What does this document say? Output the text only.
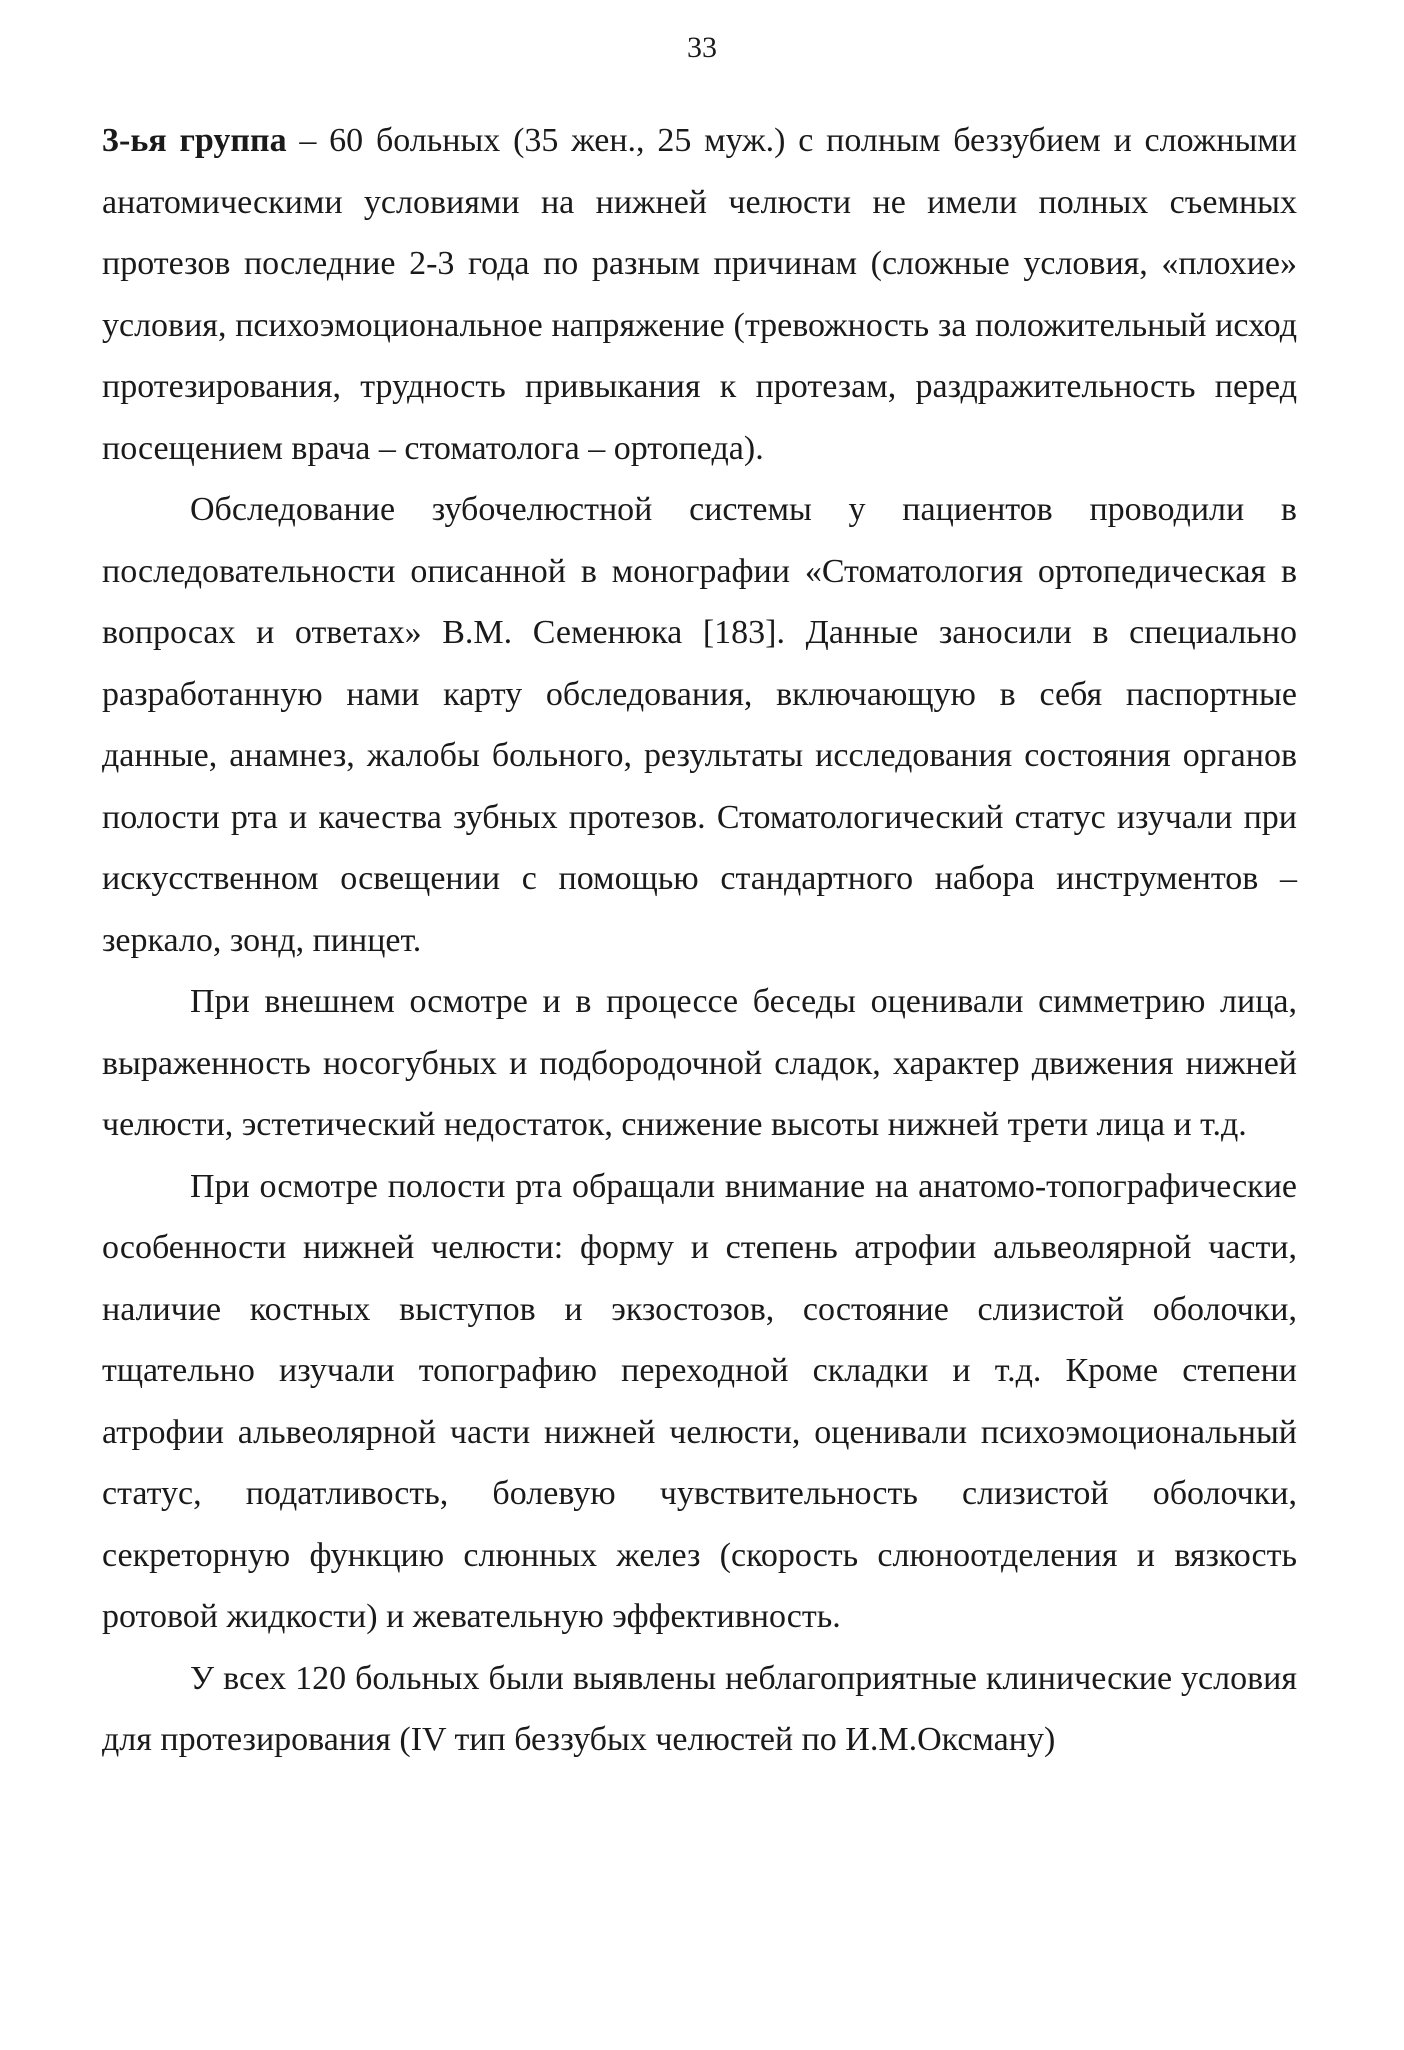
33

3-ья группа – 60 больных (35 жен., 25 муж.) с полным беззубием и сложными анатомическими условиями на нижней челюсти не имели полных съемных протезов последние 2-3 года по разным причинам (сложные условия, «плохие» условия, психоэмоциональное напряжение (тревожность за положительный исход протезирования, трудность привыкания к протезам, раздражительность перед посещением врача – стоматолога – ортопеда).

Обследование зубочелюстной системы у пациентов проводили в последовательности описанной в монографии «Стоматология ортопедическая в вопросах и ответах» В.М. Семенюка [183]. Данные заносили в специально разработанную нами карту обследования, включающую в себя паспортные данные, анамнез, жалобы больного, результаты исследования состояния органов полости рта и качества зубных протезов. Стоматологический статус изучали при искусственном освещении с помощью стандартного набора инструментов – зеркало, зонд, пинцет.

При внешнем осмотре и в процессе беседы оценивали симметрию лица, выраженность носогубных и подбородочной сладок, характер движения нижней челюсти, эстетический недостаток, снижение высоты нижней трети лица и т.д.

При осмотре полости рта обращали внимание на анатомо-топографические особенности нижней челюсти: форму и степень атрофии альвеолярной части, наличие костных выступов и экзостозов, состояние слизистой оболочки, тщательно изучали топографию переходной складки и т.д. Кроме степени атрофии альвеолярной части нижней челюсти, оценивали психоэмоциональный статус, податливость, болевую чувствительность слизистой оболочки, секреторную функцию слюнных желез (скорость слюноотделения и вязкость ротовой жидкости) и жевательную эффективность.

У всех 120 больных были выявлены неблагоприятные клинические условия для протезирования (IV тип беззубых челюстей по И.М.Оксману)
